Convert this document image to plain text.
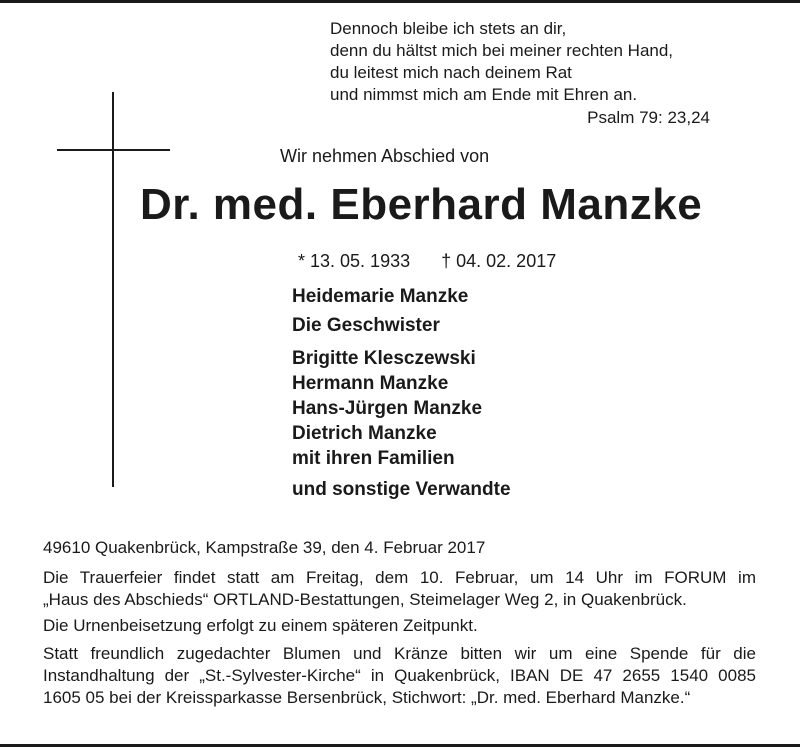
Dennoch bleibe ich stets an dir,
denn du hältst mich bei meiner rechten Hand,
du leitest mich nach deinem Rat
und nimmst mich am Ende mit Ehren an.
Psalm 79: 23,24
Wir nehmen Abschied von
Dr. med. Eberhard Manzke
* 13. 05. 1933 † 04. 02. 2017
Heidemarie Manzke
Die Geschwister
Brigitte Klesczewski
Hermann Manzke
Hans-Jürgen Manzke
Dietrich Manzke
mit ihren Familien
und sonstige Verwandte

49610 Quakenbrück, Kampstraße 39, den 4. Februar 2017

Die Trauerfeier findet statt am Freitag, dem 10. Februar, um 14 Uhr im FORUM im

„Haus des Abschieds“ ORTLAND-Bestattungen, Steimelager Weg 2, in Quakenbrück.

Die Urnenbeisetzung erfolgt zu einem späteren Zeitpunkt.

Statt freundlich zugedachter Blumen und Kränze bitten wir um eine Spende für die

Instandhaltung der „St.-Sylvester-Kirche“ in Quakenbrück, IBAN DE 47 2655 1540 0085

1605 05 bei der Kreissparkasse Bersenbrück, Stichwort: „Dr. med. Eberhard Manzke.“
